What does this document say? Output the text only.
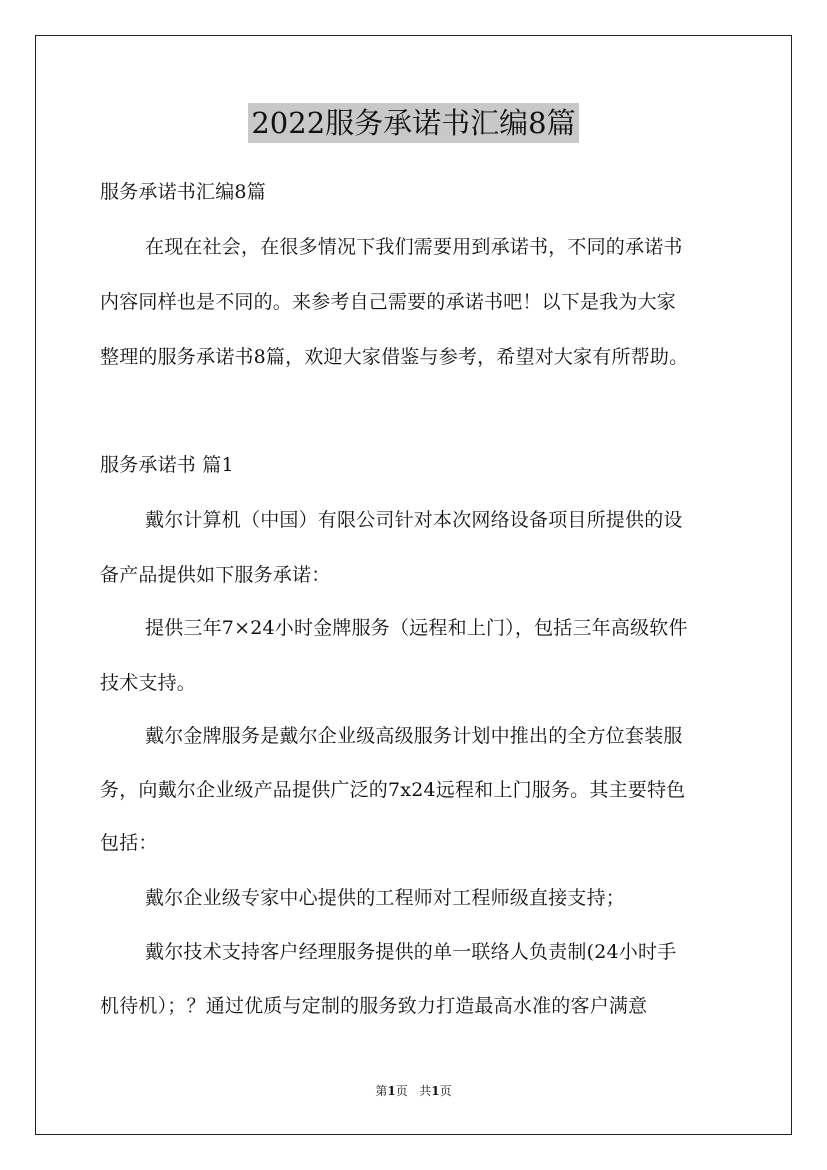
2022服务承诺书汇编8篇
服务承诺书汇编8篇
在现在社会，在很多情况下我们需要用到承诺书，不同的承诺书
内容同样也是不同的。来参考自己需要的承诺书吧！以下是我为大家
整理的服务承诺书8篇，欢迎大家借鉴与参考，希望对大家有所帮助。
服务承诺书 篇1
戴尔计算机（中国）有限公司针对本次网络设备项目所提供的设
备产品提供如下服务承诺：
提供三年7×24小时金牌服务（远程和上门），包括三年高级软件
技术支持。
戴尔金牌服务是戴尔企业级高级服务计划中推出的全方位套装服
务，向戴尔企业级产品提供广泛的7x24远程和上门服务。其主要特色
包括：
戴尔企业级专家中心提供的工程师对工程师级直接支持；
戴尔技术支持客户经理服务提供的单一联络人负责制(24小时手
机待机）；？通过优质与定制的服务致力打造最高水准的客户满意
第1页 共1页
